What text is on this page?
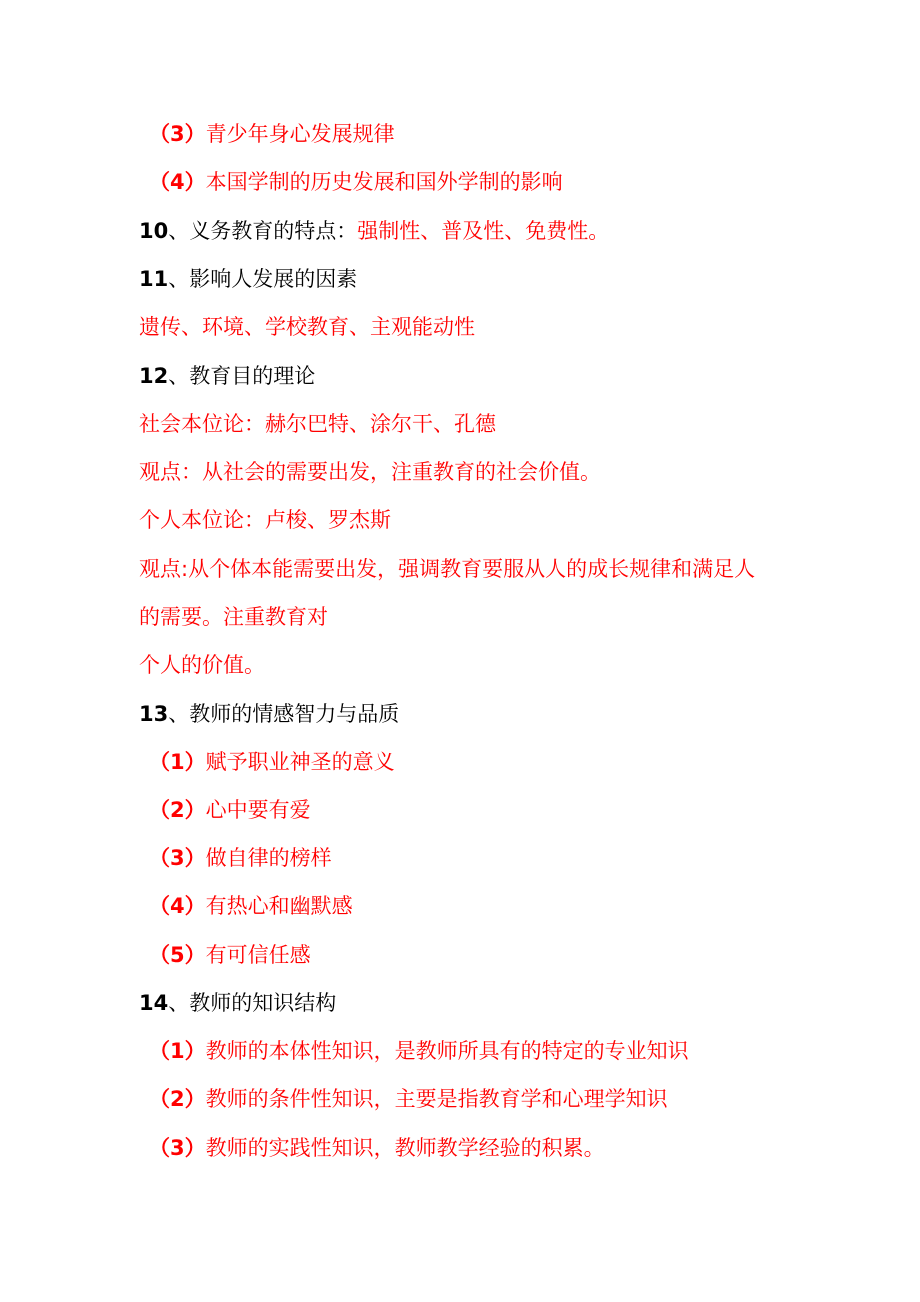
（3）青少年身心发展规律
（4）本国学制的历史发展和国外学制的影响
10、义务教育的特点：强制性、普及性、免费性。
11、影响人发展的因素
遗传、环境、学校教育、主观能动性
12、教育目的理论
社会本位论：赫尔巴特、涂尔干、孔德
观点：从社会的需要出发，注重教育的社会价值。
个人本位论：卢梭、罗杰斯
观点:从个体本能需要出发，强调教育要服从人的成长规律和满足人
的需要。注重教育对
个人的价值。
13、教师的情感智力与品质
（1）赋予职业神圣的意义
（2）心中要有爱
（3）做自律的榜样
（4）有热心和幽默感
（5）有可信任感
14、教师的知识结构
（1）教师的本体性知识，是教师所具有的特定的专业知识
（2）教师的条件性知识，主要是指教育学和心理学知识
（3）教师的实践性知识，教师教学经验的积累。
